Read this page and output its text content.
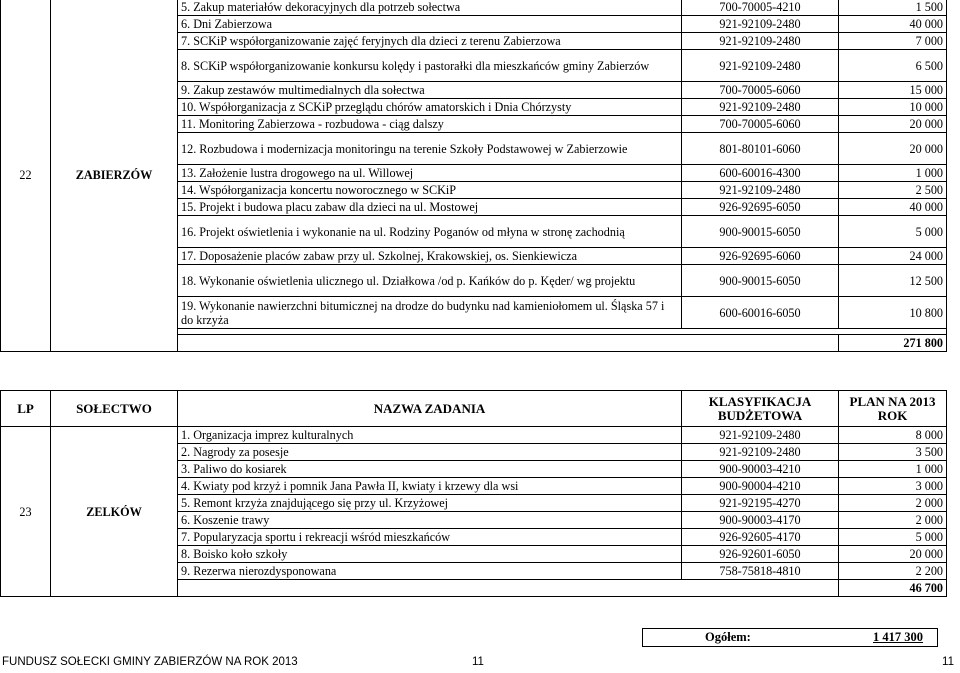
22	ZABIERZÓW	5. Zakup materiałów dekoracyjnych dla potrzeb sołectwa	700-70005-4210	1 500
		6. Dni Zabierzowa	921-92109-2480	40 000
		7. SCKiP współorganizowanie zajęć feryjnych dla dzieci z terenu Zabierzowa	921-92109-2480	7 000
		8. SCKiP współorganizowanie konkursu kolędy i pastorałki dla mieszkańców gminy Zabierzów	921-92109-2480	6 500
		9. Zakup zestawów multimedialnych dla sołectwa	700-70005-6060	15 000
		10. Współorganizacja z SCKiP przeglądu chórów amatorskich i Dnia Chórzysty	921-92109-2480	10 000
		11. Monitoring Zabierzowa - rozbudowa - ciąg dalszy	700-70005-6060	20 000
		12. Rozbudowa i modernizacja monitoringu na terenie Szkoły Podstawowej w Zabierzowie	801-80101-6060	20 000
		13. Założenie lustra drogowego na ul. Willowej	600-60016-4300	1 000
		14. Współorganizacja koncertu noworocznego w SCKiP	921-92109-2480	2 500
		15. Projekt i budowa placu zabaw dla dzieci na ul. Mostowej	926-92695-6050	40 000
		16. Projekt oświetlenia i wykonanie na ul. Rodziny Poganów od młyna w stronę zachodnią	900-90015-6050	5 000
		17. Doposażenie placów zabaw przy ul. Szkolnej, Krakowskiej, os. Sienkiewicza	926-92695-6060	24 000
		18. Wykonanie oświetlenia ulicznego ul. Działkowa /od p. Kańków do p. Kęder/ wg projektu	900-90015-6050	12 500
		19. Wykonanie nawierzchni bitumicznej na drodze do budynku nad kamieniołomem ul. Śląska 57 i do krzyża	600-60016-6050	10 800

				271 800
LP	SOŁECTWO	NAZWA ZADANIA	KLASYFIKACJA BUDŻETOWA	PLAN NA 2013 ROK
23	ZELKÓW	1. Organizacja imprez kulturalnych	921-92109-2480	8 000
		2. Nagrody za posesje	921-92109-2480	3 500
		3. Paliwo do kosiarek	900-90003-4210	1 000
		4. Kwiaty pod krzyż i pomnik Jana Pawła II, kwiaty i krzewy dla wsi	900-90004-4210	3 000
		5. Remont krzyża znajdującego się przy ul. Krzyżowej	921-92195-4270	2 000
		6. Koszenie trawy	900-90003-4170	2 000
		7. Popularyzacja sportu i rekreacji wśród mieszkańców	926-92605-4170	5 000
		8. Boisko koło szkoły	926-92601-6050	20 000
		9. Rezerwa nierozdysponowana	758-75818-4810	2 200
				46 700
Ogółem:	1 417 300
FUNDUSZ SOŁECKI GMINY ZABIERZÓW NA ROK 2013	11	11
